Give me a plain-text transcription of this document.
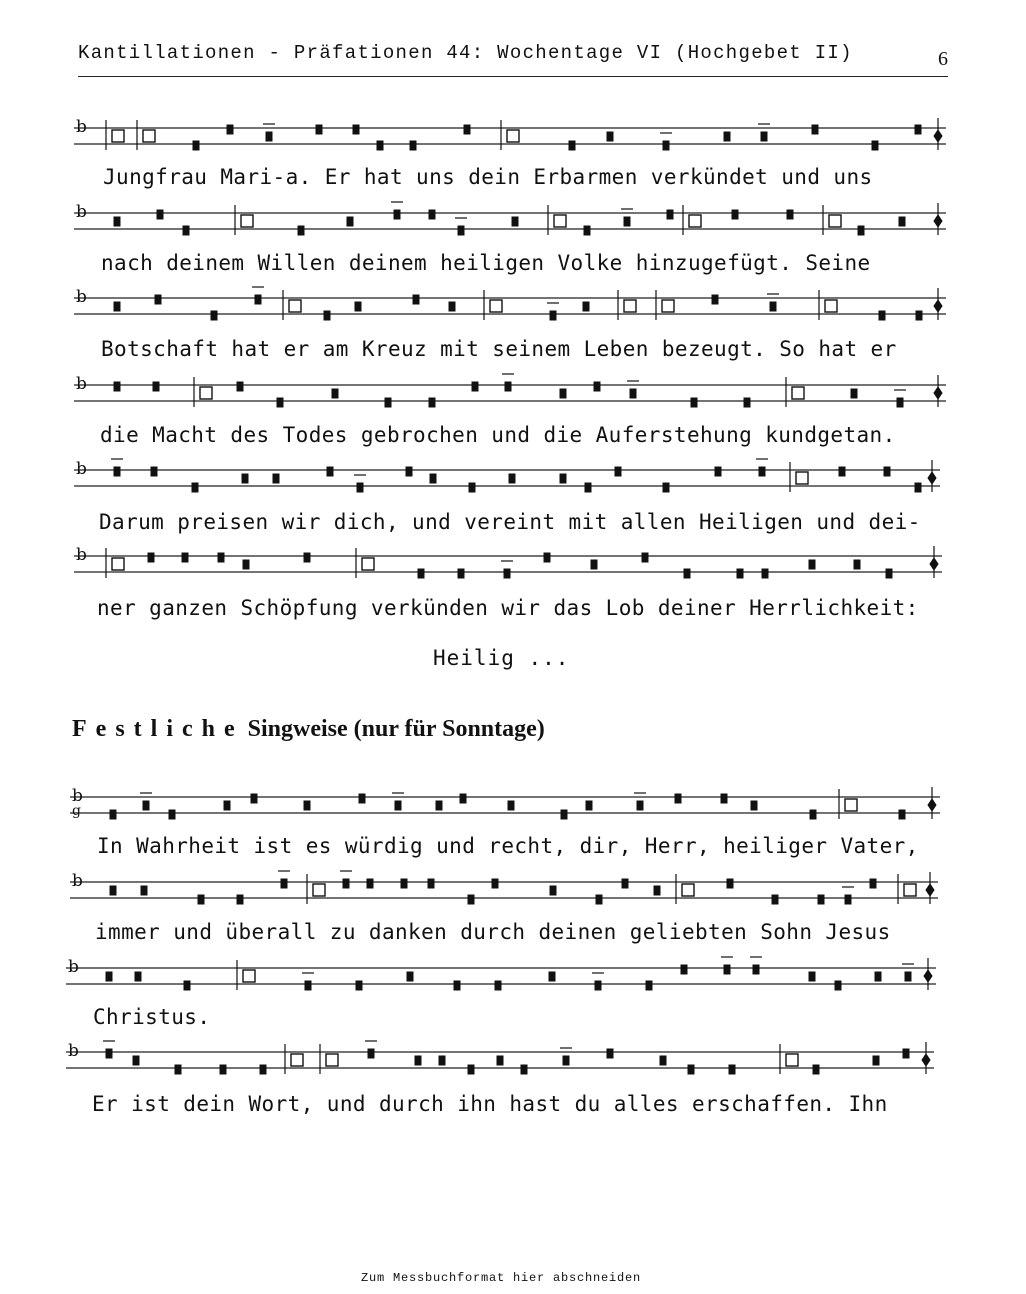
Kantillationen - Präfationen 44: Wochentage VI (Hochgebet II)	6
b
b
b
b
b
b
b
g
b
b
b
Jungfrau Mari-a. Er hat uns dein Erbarmen verkündet und uns
nach deinem Willen deinem heiligen Volke hinzugefügt. Seine
Botschaft hat er am Kreuz mit seinem Leben bezeugt. So hat er
die Macht des Todes gebrochen und die Auferstehung kundgetan.
Darum preisen wir dich, und vereint mit allen Heiligen und dei-
ner ganzen Schöpfung verkünden wir das Lob deiner Herrlichkeit:
Heilig ...
Festliche Singweise (nur für Sonntage)
In Wahrheit ist es würdig und recht, dir, Herr, heiliger Vater,
immer und überall zu danken durch deinen geliebten Sohn Jesus
Christus.
Er ist dein Wort, und durch ihn hast du alles erschaffen. Ihn
Zum Messbuchformat hier abschneiden
